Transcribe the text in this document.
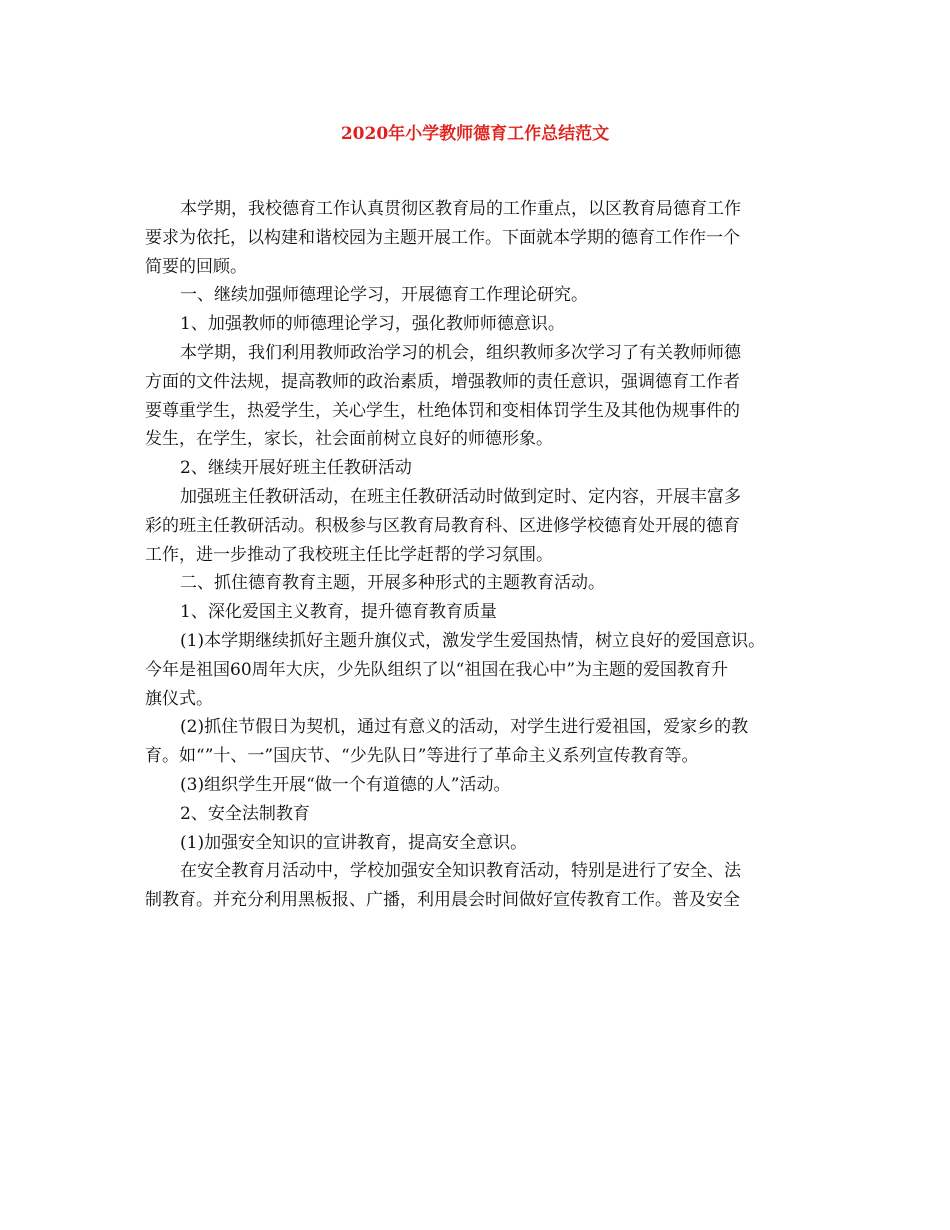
2020年小学教师德育工作总结范文
本学期，我校德育工作认真贯彻区教育局的工作重点，以区教育局德育工作
要求为依托，以构建和谐校园为主题开展工作。下面就本学期的德育工作作一个
简要的回顾。
一、继续加强师德理论学习，开展德育工作理论研究。
1、加强教师的师德理论学习，强化教师师德意识。
本学期，我们利用教师政治学习的机会，组织教师多次学习了有关教师师德
方面的文件法规，提高教师的政治素质，增强教师的责任意识，强调德育工作者
要尊重学生，热爱学生，关心学生，杜绝体罚和变相体罚学生及其他伪规事件的
发生，在学生，家长，社会面前树立良好的师德形象。
2、继续开展好班主任教研活动
加强班主任教研活动，在班主任教研活动时做到定时、定内容，开展丰富多
彩的班主任教研活动。积极参与区教育局教育科、区进修学校德育处开展的德育
工作，进一步推动了我校班主任比学赶帮的学习氛围。
二、抓住德育教育主题，开展多种形式的主题教育活动。
1、深化爱国主义教育，提升德育教育质量
(1)本学期继续抓好主题升旗仪式，激发学生爱国热情，树立良好的爱国意识。
今年是祖国60周年大庆，少先队组织了以“祖国在我心中”为主题的爱国教育升
旗仪式。
(2)抓住节假日为契机，通过有意义的活动，对学生进行爱祖国，爱家乡的教
育。如“”十、一”国庆节、“少先队日”等进行了革命主义系列宣传教育等。
(3)组织学生开展“做一个有道德的人”活动。
2、安全法制教育
(1)加强安全知识的宣讲教育，提高安全意识。
在安全教育月活动中，学校加强安全知识教育活动，特别是进行了安全、法
制教育。并充分利用黑板报、广播，利用晨会时间做好宣传教育工作。普及安全
